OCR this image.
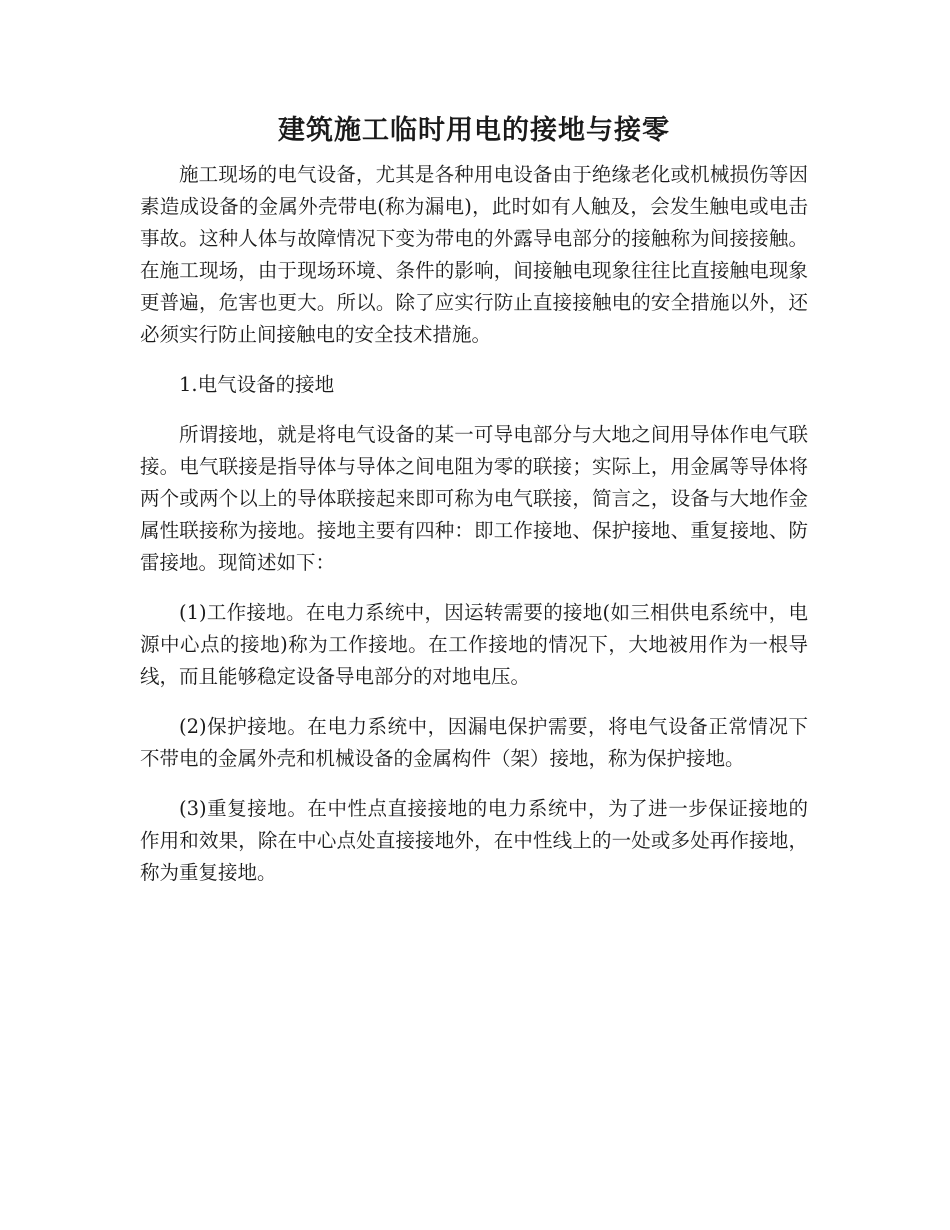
建筑施工临时用电的接地与接零

施工现场的电气设备，尤其是各种用电设备由于绝缘老化或机械损伤等因素造成设备的金属外壳带电(称为漏电)，此时如有人触及，会发生触电或电击事故。这种人体与故障情况下变为带电的外露导电部分的接触称为间接接触。在施工现场，由于现场环境、条件的影响，间接触电现象往往比直接触电现象更普遍，危害也更大。所以。除了应实行防止直接接触电的安全措施以外，还必须实行防止间接触电的安全技术措施。

1.电气设备的接地

所谓接地，就是将电气设备的某一可导电部分与大地之间用导体作电气联接。电气联接是指导体与导体之间电阻为零的联接；实际上，用金属等导体将两个或两个以上的导体联接起来即可称为电气联接，简言之，设备与大地作金属性联接称为接地。接地主要有四种：即工作接地、保护接地、重复接地、防雷接地。现简述如下：

(1)工作接地。在电力系统中，因运转需要的接地(如三相供电系统中，电源中心点的接地)称为工作接地。在工作接地的情况下，大地被用作为一根导线，而且能够稳定设备导电部分的对地电压。

(2)保护接地。在电力系统中，因漏电保护需要，将电气设备正常情况下不带电的金属外壳和机械设备的金属构件（架）接地，称为保护接地。

(3)重复接地。在中性点直接接地的电力系统中，为了进一步保证接地的作用和效果，除在中心点处直接接地外，在中性线上的一处或多处再作接地，称为重复接地。
